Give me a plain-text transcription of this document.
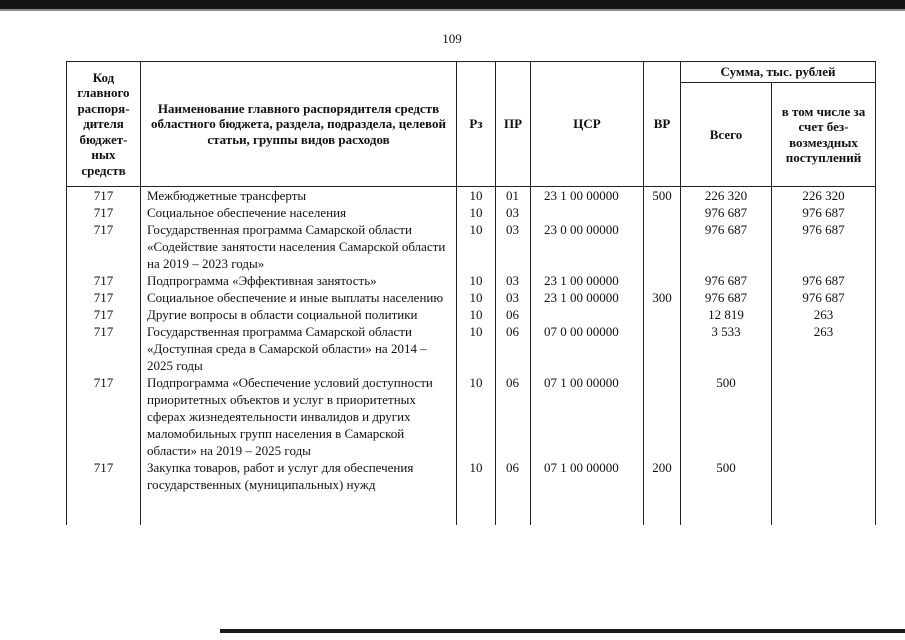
109
Код главного распоря-дителя бюджет-ных средств	Наименование главного распорядителя средств областного бюджета, раздела, подраздела, целевой статьи, группы видов расходов	Рз	ПР	ЦСР	ВР	Сумма, тыс. рублей	
						Всего	в том числе за счет без-возмездных поступлений
717	Межбюджетные трансферты	10	01	23 1 00 00000	500	226 320	226 320
717	Социальное обеспечение населения	10	03			976 687	976 687
717	Государственная программа Самарской области «Содействие занятости населения Самарской области на 2019 – 2023 годы»	10	03	23 0 00 00000		976 687	976 687
717	Подпрограмма «Эффективная занятость»	10	03	23 1 00 00000		976 687	976 687
717	Социальное обеспечение и иные выплаты населению	10	03	23 1 00 00000	300	976 687	976 687
717	Другие вопросы в области социальной политики	10	06			12 819	263
717	Государственная программа Самарской области «Доступная среда в Самарской области» на 2014 – 2025 годы	10	06	07 0 00 00000		3 533	263
717	Подпрограмма «Обеспечение условий доступности приоритетных объектов и услуг в приоритетных сферах жизнедеятельности инвалидов и других маломобильных групп населения в Самарской области» на 2019 – 2025 годы	10	06	07 1 00 00000		500	
717	Закупка товаров, работ и услуг для обеспечения государственных (муниципальных) нужд	10	06	07 1 00 00000	200	500	
